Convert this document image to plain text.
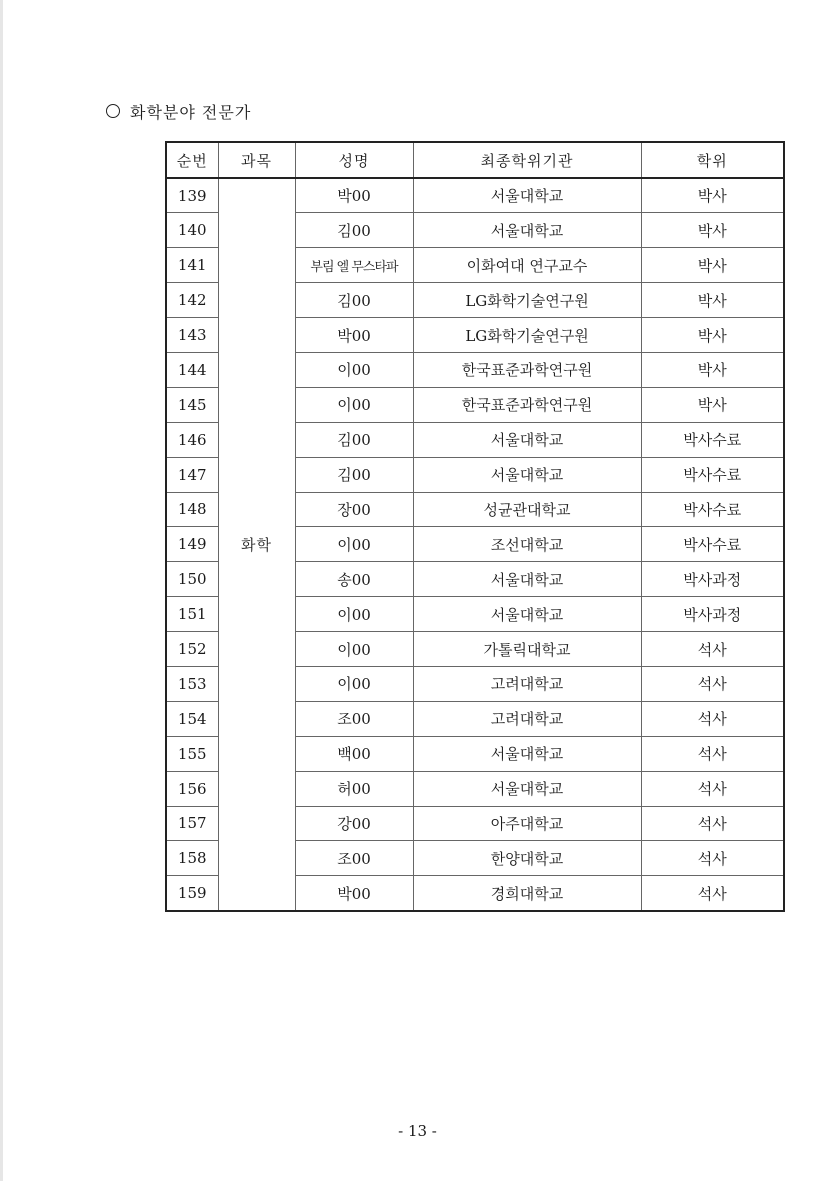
화학분야 전문가
순번	과목	성명	최종학위기관	학위
139	화학	박00	서울대학교	박사
140		김00	서울대학교	박사
141		부림 엘 무스타파	이화여대 연구교수	박사
142		김00	LG화학기술연구원	박사
143		박00	LG화학기술연구원	박사
144		이00	한국표준과학연구원	박사
145		이00	한국표준과학연구원	박사
146		김00	서울대학교	박사수료
147		김00	서울대학교	박사수료
148		장00	성균관대학교	박사수료
149		이00	조선대학교	박사수료
150		송00	서울대학교	박사과정
151		이00	서울대학교	박사과정
152		이00	가톨릭대학교	석사
153		이00	고려대학교	석사
154		조00	고려대학교	석사
155		백00	서울대학교	석사
156		허00	서울대학교	석사
157		강00	아주대학교	석사
158		조00	한양대학교	석사
159		박00	경희대학교	석사
- 13 -
